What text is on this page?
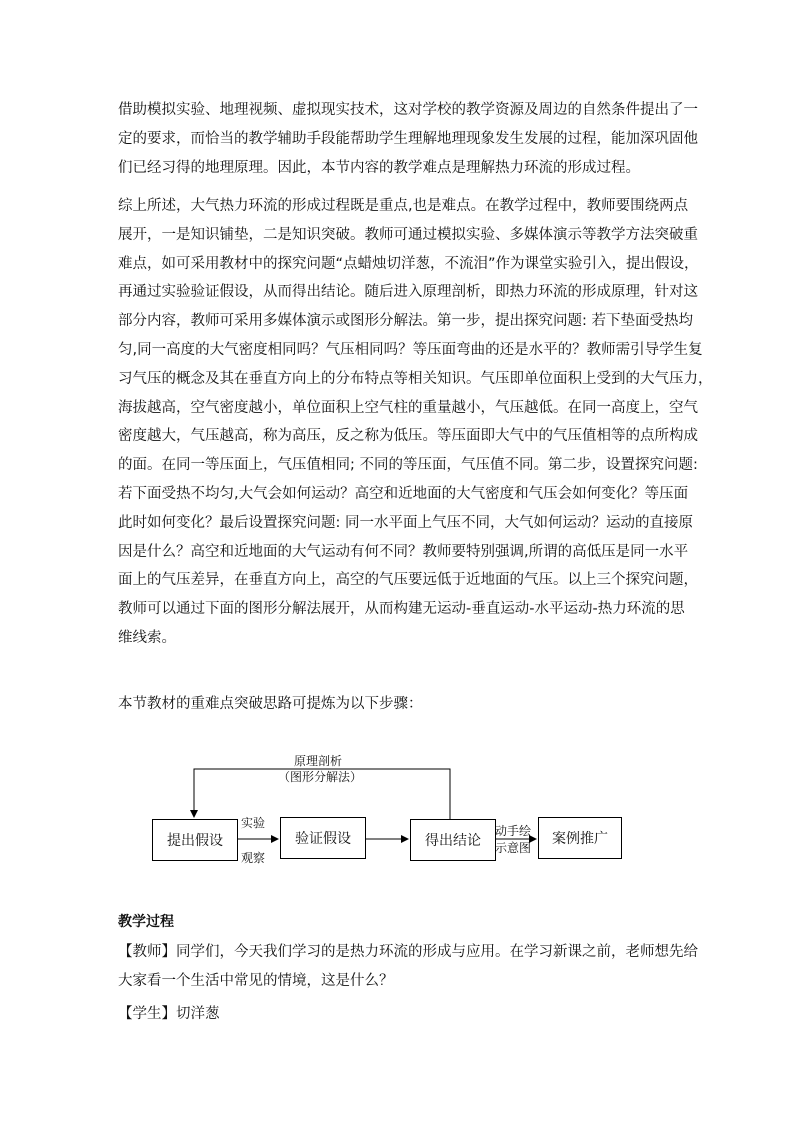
借助模拟实验、地理视频、虚拟现实技术，这对学校的教学资源及周边的自然条件提出了一
定的要求，而恰当的教学辅助手段能帮助学生理解地理现象发生发展的过程，能加深巩固他
们已经习得的地理原理。因此，本节内容的教学难点是理解热力环流的形成过程。
综上所述，大气热力环流的形成过程既是重点,也是难点。在教学过程中，教师要围绕两点
展开，一是知识铺垫，二是知识突破。教师可通过模拟实验、多媒体演示等教学方法突破重
难点，如可采用教材中的探究问题“点蜡烛切洋葱，不流泪”作为课堂实验引入，提出假设，
再通过实验验证假设，从而得出结论。随后进入原理剖析，即热力环流的形成原理，针对这
部分内容，教师可采用多媒体演示或图形分解法。第一步，提出探究问题: 若下垫面受热均
匀,同一高度的大气密度相同吗？气压相同吗？等压面弯曲的还是水平的？教师需引导学生复
习气压的概念及其在垂直方向上的分布特点等相关知识。气压即单位面积上受到的大气压力，
海拔越高，空气密度越小，单位面积上空气柱的重量越小，气压越低。在同一高度上，空气
密度越大，气压越高，称为高压，反之称为低压。等压面即大气中的气压值相等的点所构成
的面。在同一等压面上，气压值相同; 不同的等压面，气压值不同。第二步，设置探究问题:
若下面受热不均匀,大气会如何运动？高空和近地面的大气密度和气压会如何变化？等压面
此时如何变化？最后设置探究问题: 同一水平面上气压不同，大气如何运动？运动的直接原
因是什么？高空和近地面的大气运动有何不同？教师要特别强调,所谓的高低压是同一水平
面上的气压差异，在垂直方向上，高空的气压要远低于近地面的气压。以上三个探究问题，
教师可以通过下面的图形分解法展开，从而构建无运动-垂直运动-水平运动-热力环流的思
维线索。
本节教材的重难点突破思路可提炼为以下步骤：
原理剖析
（图形分解法）
提出假设	验证假设	得出结论	案例推广
实验
观察
动手绘
示意图
教学过程
【教师】同学们，今天我们学习的是热力环流的形成与应用。在学习新课之前，老师想先给
大家看一个生活中常见的情境，这是什么？
【学生】切洋葱
